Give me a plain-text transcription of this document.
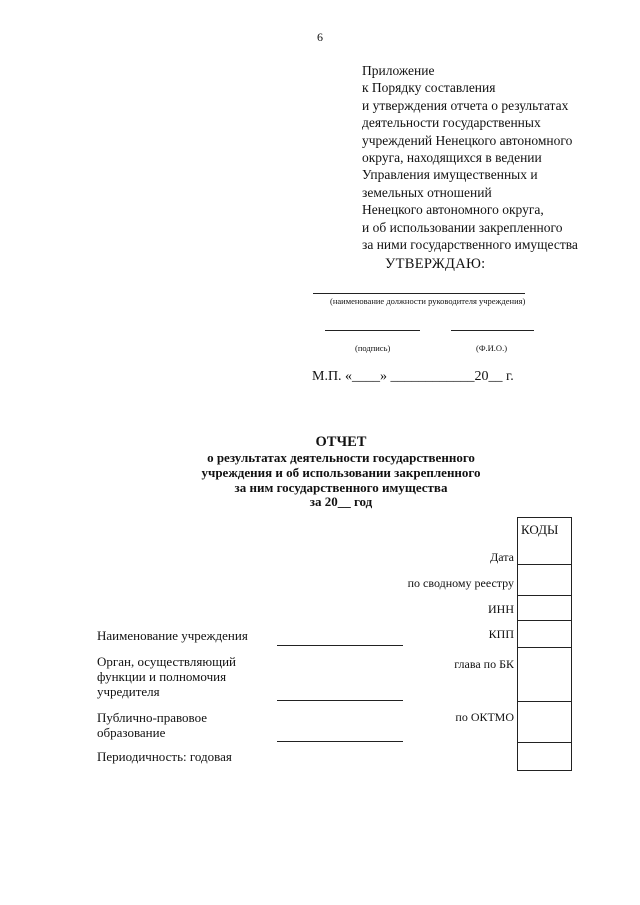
6
Приложение
к Порядку составления
и утверждения отчета о результатах
деятельности государственных
учреждений Ненецкого автономного
округа, находящихся в ведении
Управления имущественных и
земельных отношений
Ненецкого автономного округа,
и об использовании закрепленного
за ними государственного имущества
УТВЕРЖДАЮ:
(наименование должности руководителя учреждения)
(подпись)	(Ф.И.О.)
М.П. «____» ____________20__ г.
ОТЧЕТ
о результатах деятельности государственного
учреждения и об использовании закрепленного
за ним государственного имущества
за 20__ год
КОДЫ
Дата
по сводному реестру
ИНН
КПП
глава по БК
по ОКТМО
Наименование учреждения
Орган, осуществляющий
функции и полномочия
учредителя
Публично-правовое
образование
Периодичность: годовая
